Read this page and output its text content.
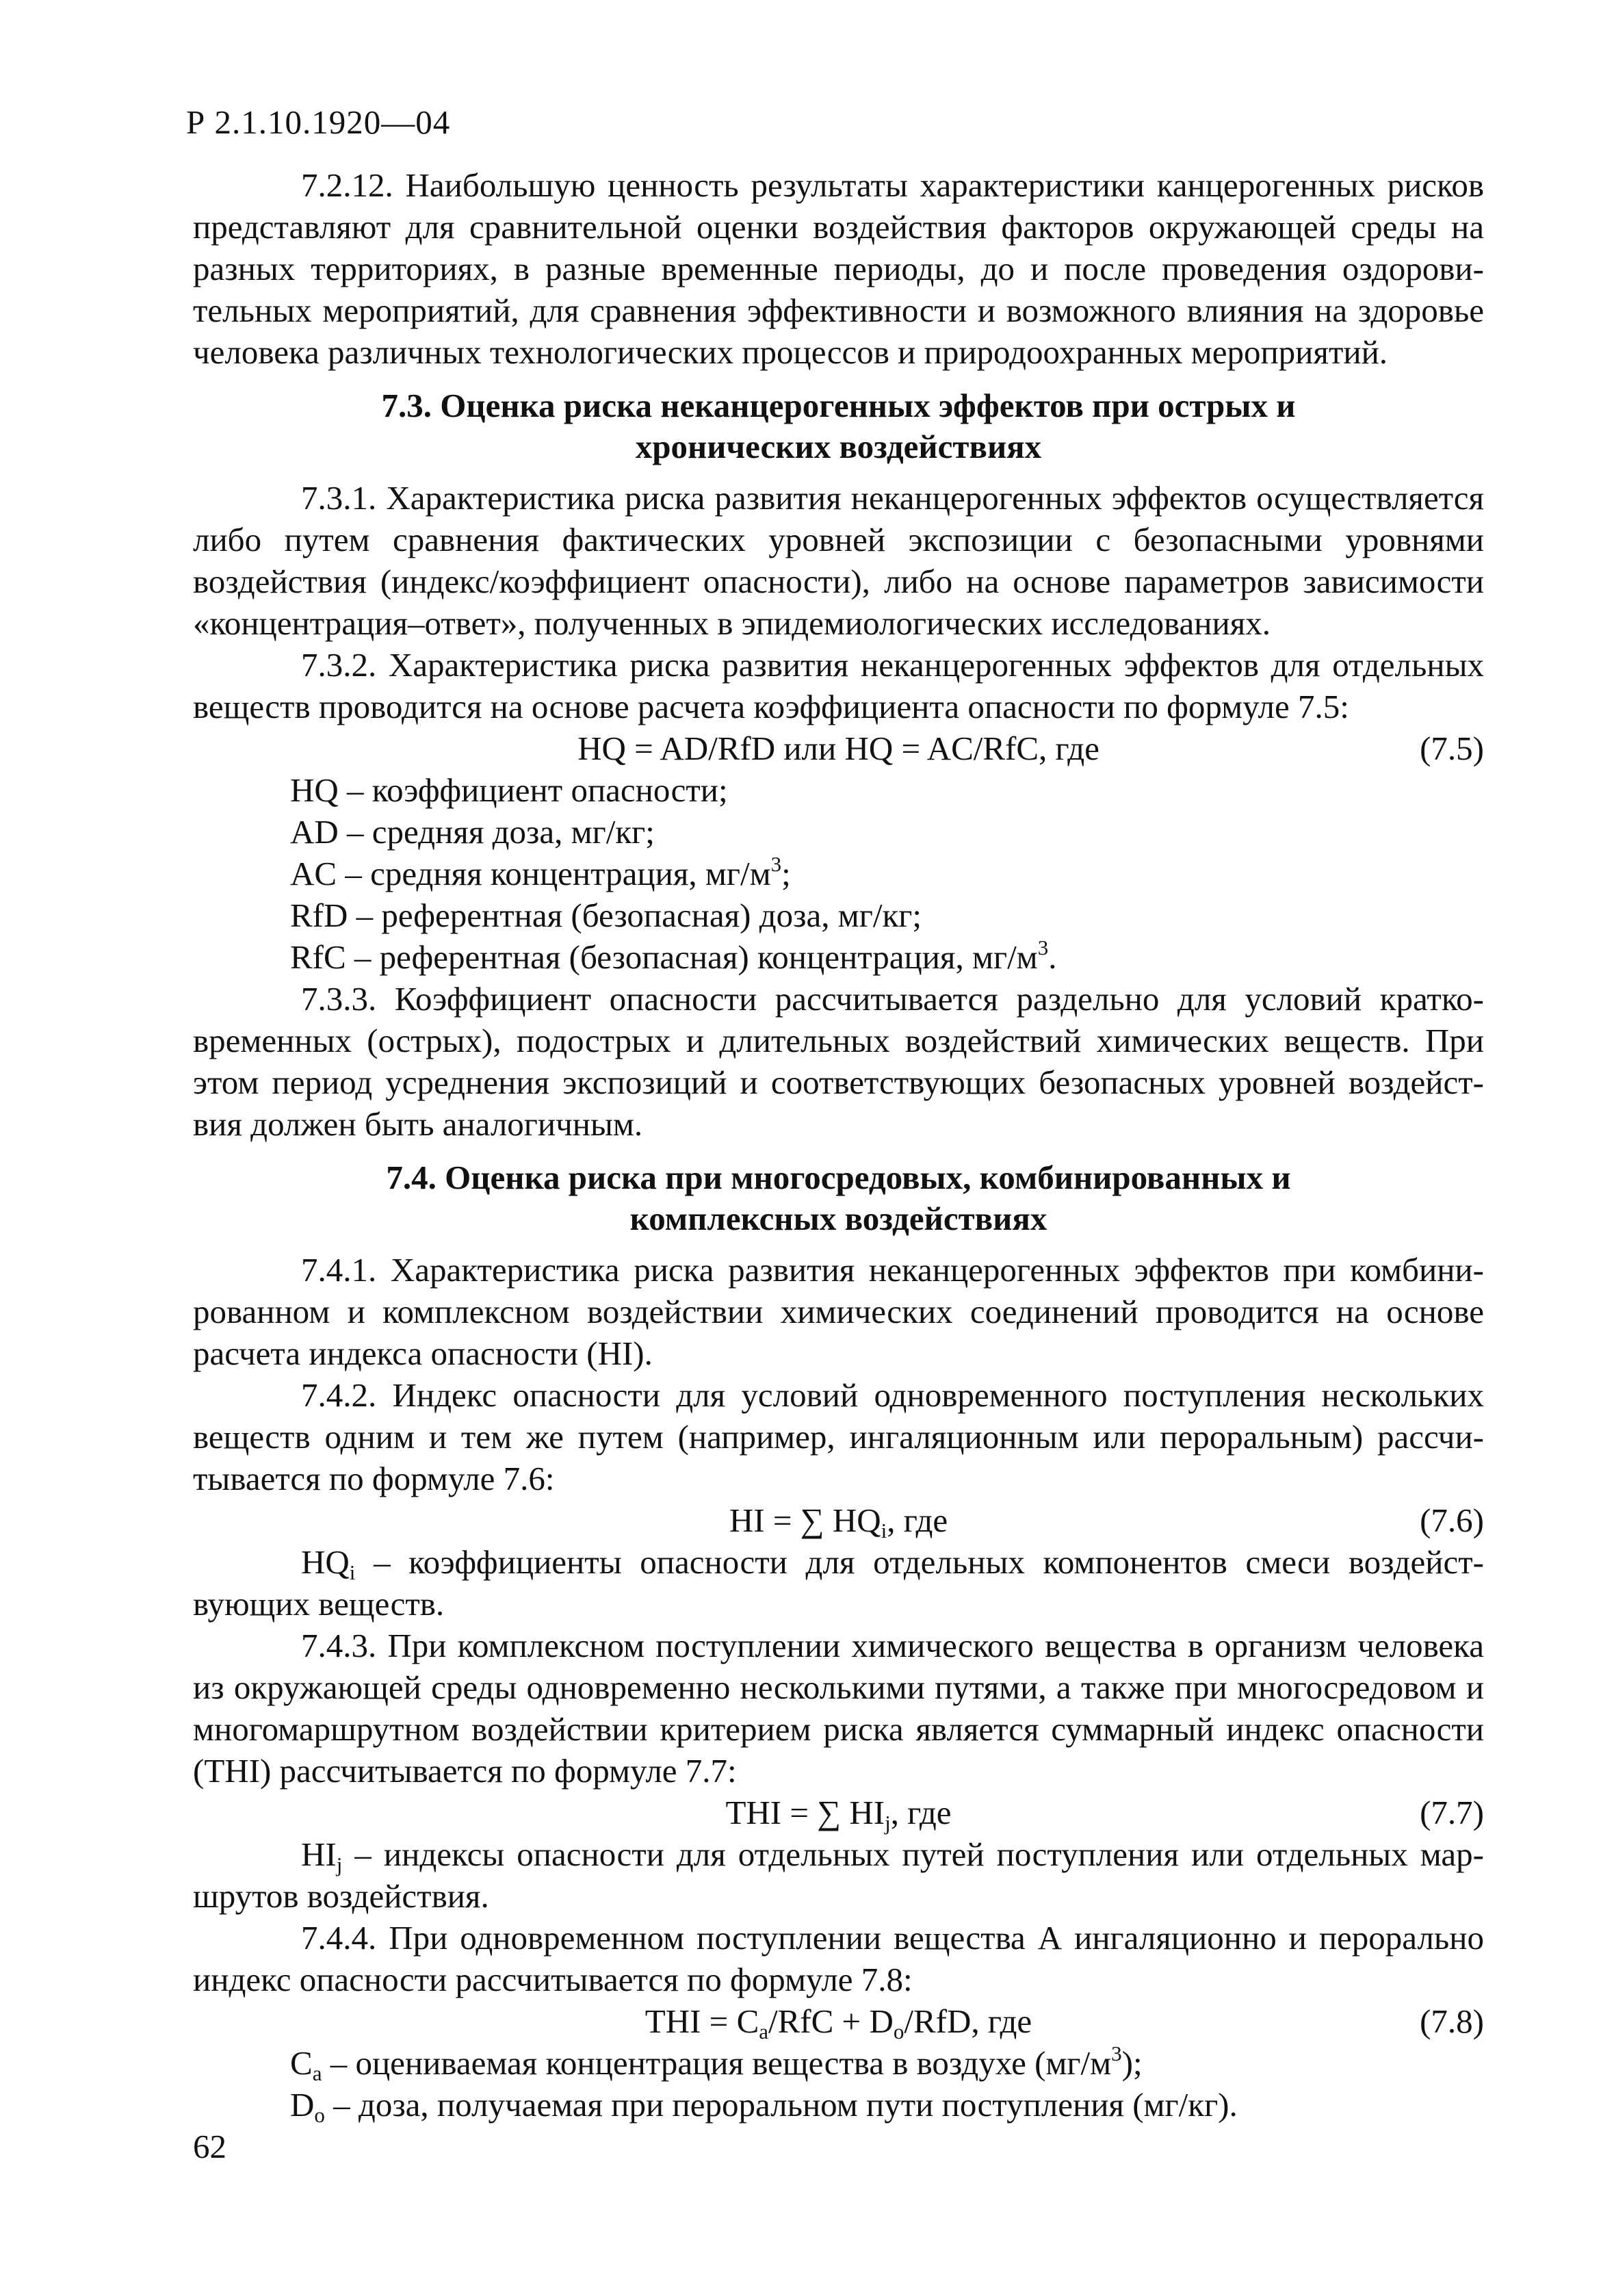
Р 2.1.10.1920—04

7.2.12. Наибольшую ценность результаты характеристики канцерогенных рисков представляют для сравнительной оценки воздействия факторов окружающей среды на разных территориях, в разные временные периоды, до и после проведения оздоровительных мероприятий, для сравнения эффективности и возможного влияния на здоровье человека различных технологических процессов и природоохранных мероприятий.

7.3. Оценка риска неканцерогенных эффектов при острых и
хронических воздействиях

7.3.1. Характеристика риска развития неканцерогенных эффектов осуществляется либо путем сравнения фактических уровней экспозиции с безопасными уровнями воздействия (индекс/коэффициент опасности), либо на основе параметров зависимости «концентрация–ответ», полученных в эпидемиологических исследованиях.

7.3.2. Характеристика риска развития неканцерогенных эффектов для отдельных веществ проводится на основе расчета коэффициента опасности по формуле 7.5:

HQ = AD/RfD или HQ = AC/RfC, где	(7.5)

HQ – коэффициент опасности;

AD – средняя доза, мг/кг;

AC – средняя концентрация, $мг/м^3$;

RfD – референтная (безопасная) доза, мг/кг;

RfC – референтная (безопасная) концентрация, $мг/м^3$.

7.3.3. Коэффициент опасности рассчитывается раздельно для условий кратковременных (острых), подострых и длительных воздействий химических веществ. При этом период усреднения экспозиций и соответствующих безопасных уровней воздействия должен быть аналогичным.

7.4. Оценка риска при многосредовых, комбинированных и
комплексных воздействиях

7.4.1. Характеристика риска развития неканцерогенных эффектов при комбинированном и комплексном воздействии химических соединений проводится на основе расчета индекса опасности (HI).

7.4.2. Индекс опасности для условий одновременного поступления нескольких веществ одним и тем же путем (например, ингаляционным или пероральным) рассчитывается по формуле 7.6:

HI = ∑ $HQ_i$, где	(7.6)

$HQ_i$ – коэффициенты опасности для отдельных компонентов смеси воздействующих веществ.

7.4.3. При комплексном поступлении химического вещества в организм человека из окружающей среды одновременно несколькими путями, а также при многосредовом и многомаршрутном воздействии критерием риска является суммарный индекс опасности (THI) рассчитывается по формуле 7.7:

THI = ∑ $HI_j$, где	(7.7)

$HI_j$ – индексы опасности для отдельных путей поступления или отдельных маршрутов воздействия.

7.4.4. При одновременном поступлении вещества А ингаляционно и перорально индекс опасности рассчитывается по формуле 7.8:

THI = $C_a$/RfC + $D_o$/RfD, где	(7.8)

$C_a$ – оцениваемая концентрация вещества в воздухе $(мг/м^3)$;

$D_o$ – доза, получаемая при пероральном пути поступления (мг/кг).

62
